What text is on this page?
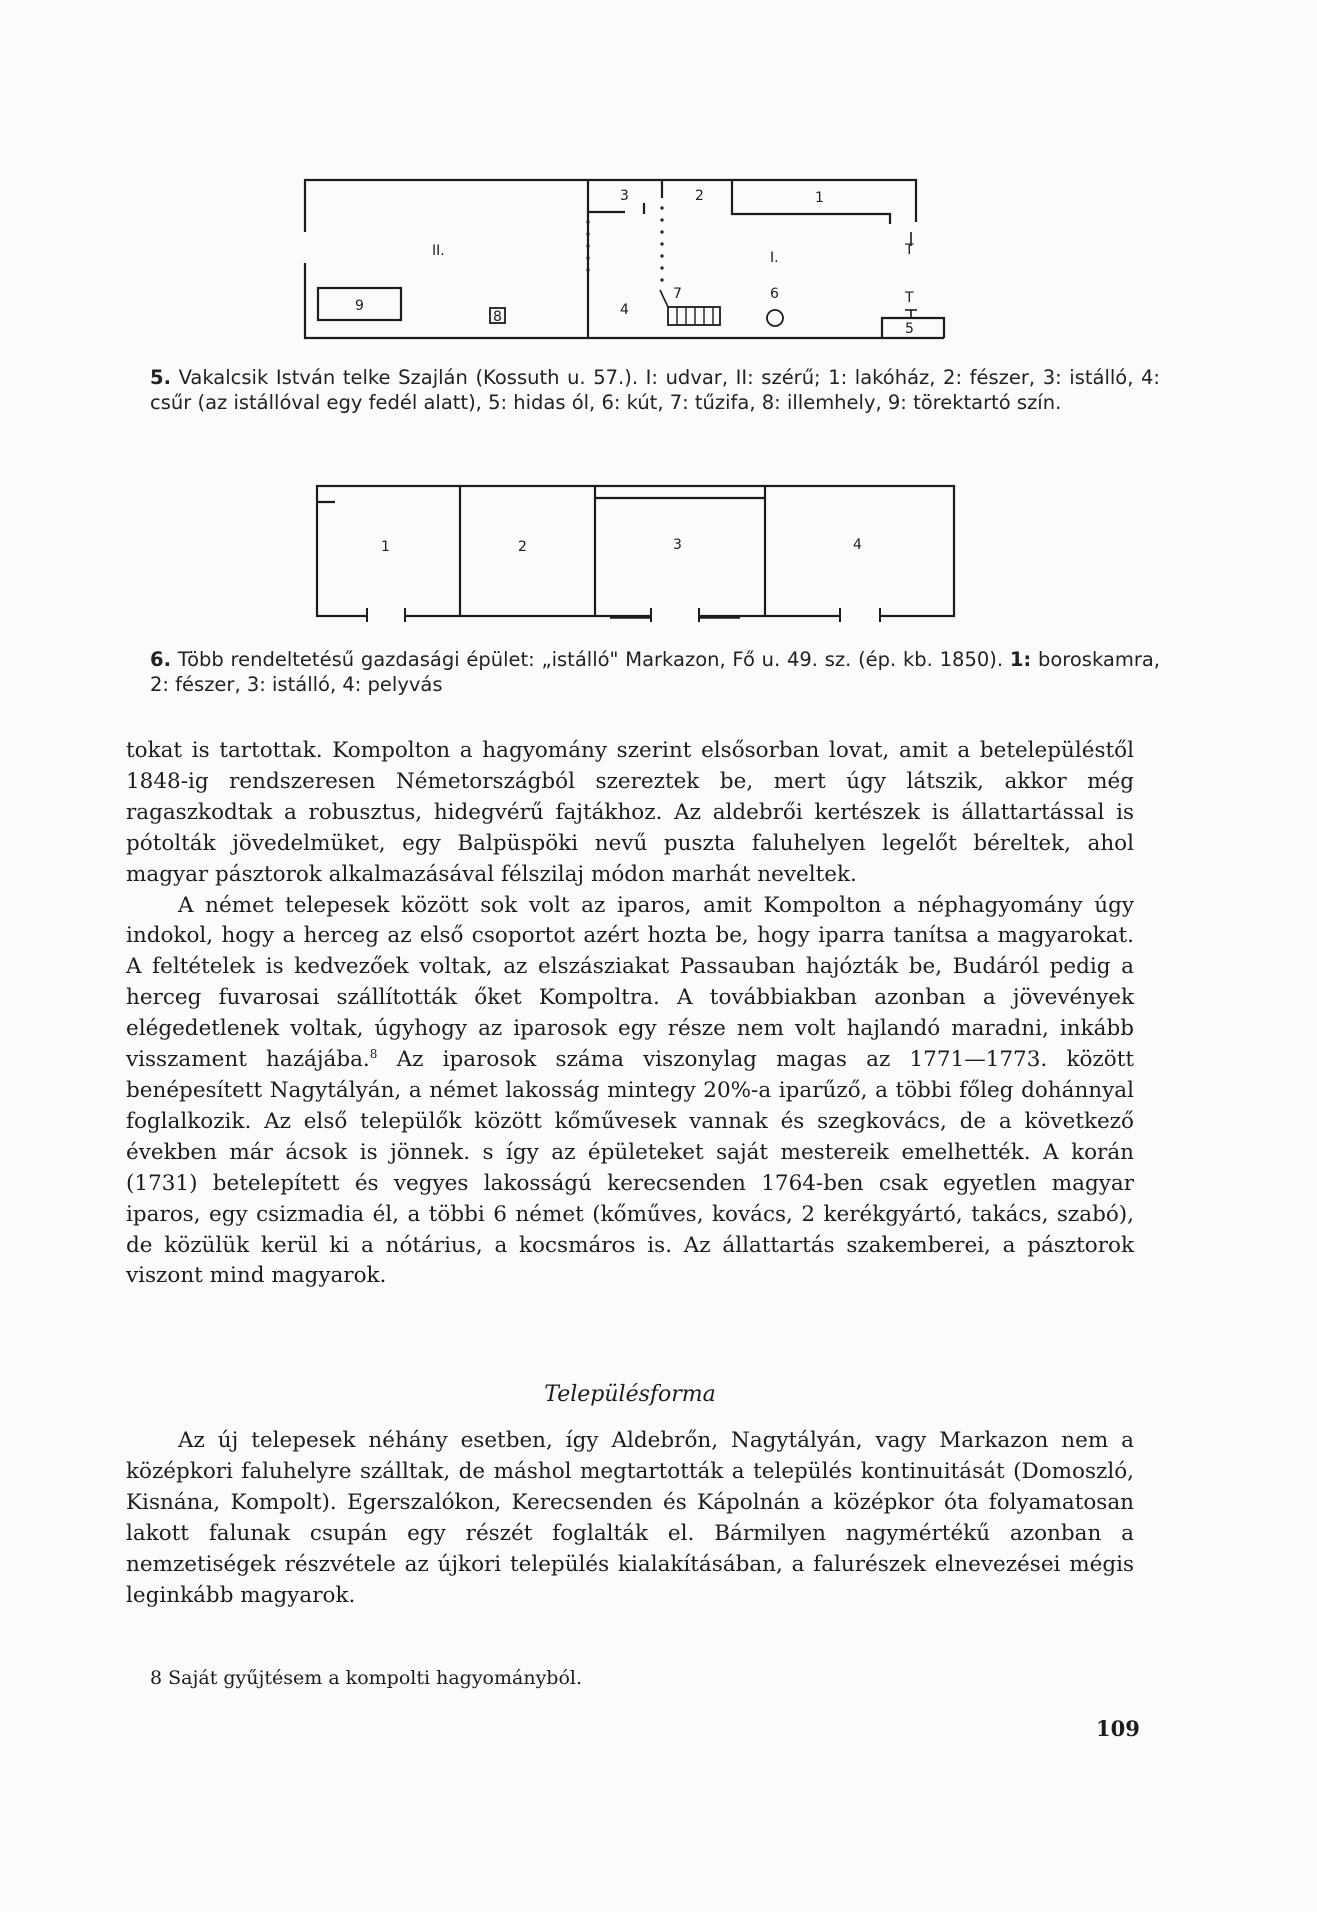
3	2	1
II.	I.	T
9
8	4
7	6	T
5
5. Vakalcsik István telke Szajlán (Kossuth u. 57.). I: udvar, II: szérű; 1: lakóház, 2: fészer, 3: istálló, 4: csűr (az istállóval egy fedél alatt), 5: hidas ól, 6: kút, 7: tűzifa, 8: illemhely, 9: törektartó szín.
1	2	3	4
6. Több rendeltetésű gazdasági épület: „istálló" Markazon, Fő u. 49. sz. (ép. kb. 1850). 1: boroskamra, 2: fészer, 3: istálló, 4: pelyvás

tokat is tartottak. Kompolton a hagyomány szerint elsősorban lovat, amit a betelepüléstől 1848-ig rendszeresen Németországból szereztek be, mert úgy látszik, akkor még ragaszkodtak a robusztus, hidegvérű fajtákhoz. Az aldebrői kertészek is állattartással is pótolták jövedelmüket, egy Balpüspöki nevű puszta faluhelyen legelőt béreltek, ahol magyar pásztorok alkalmazásával félszilaj módon marhát neveltek.

A német telepesek között sok volt az iparos, amit Kompolton a néphagyomány úgy indokol, hogy a herceg az első csoportot azért hozta be, hogy iparra tanítsa a magyarokat. A feltételek is kedvezőek voltak, az elszásziakat Passauban hajózták be, Budáról pedig a herceg fuvarosai szállították őket Kompoltra. A továbbiakban azonban a jövevények elégedetlenek voltak, úgyhogy az iparosok egy része nem volt hajlandó maradni, inkább visszament hazájába.$^8$ Az iparosok száma viszonylag magas az 1771—1773. között benépesített Nagytályán, a német lakosság mintegy 20%-a iparűző, a többi főleg dohánnyal foglalkozik. Az első települők között kőművesek vannak és szegkovács, de a következő években már ácsok is jönnek. s így az épületeket saját mestereik emelhették. A korán (1731) betelepített és vegyes lakosságú kerecsenden 1764-ben csak egyetlen magyar iparos, egy csizmadia él, a többi 6 német (kőműves, kovács, 2 kerékgyártó, takács, szabó), de közülük kerül ki a nótárius, a kocsmáros is. Az állattartás szakemberei, a pásztorok viszont mind magyarok.

Településforma

Az új telepesek néhány esetben, így Aldebrőn, Nagytályán, vagy Markazon nem a középkori faluhelyre szálltak, de máshol megtartották a település kontinuitását (Domoszló, Kisnána, Kompolt). Egerszalókon, Kerecsenden és Kápolnán a középkor óta folyamatosan lakott falunak csupán egy részét foglalták el. Bármilyen nagymértékű azonban a nemzetiségek részvétele az újkori település kialakításában, a falurészek elnevezései mégis leginkább magyarok.

8 Saját gyűjtésem a kompolti hagyományból.
109
